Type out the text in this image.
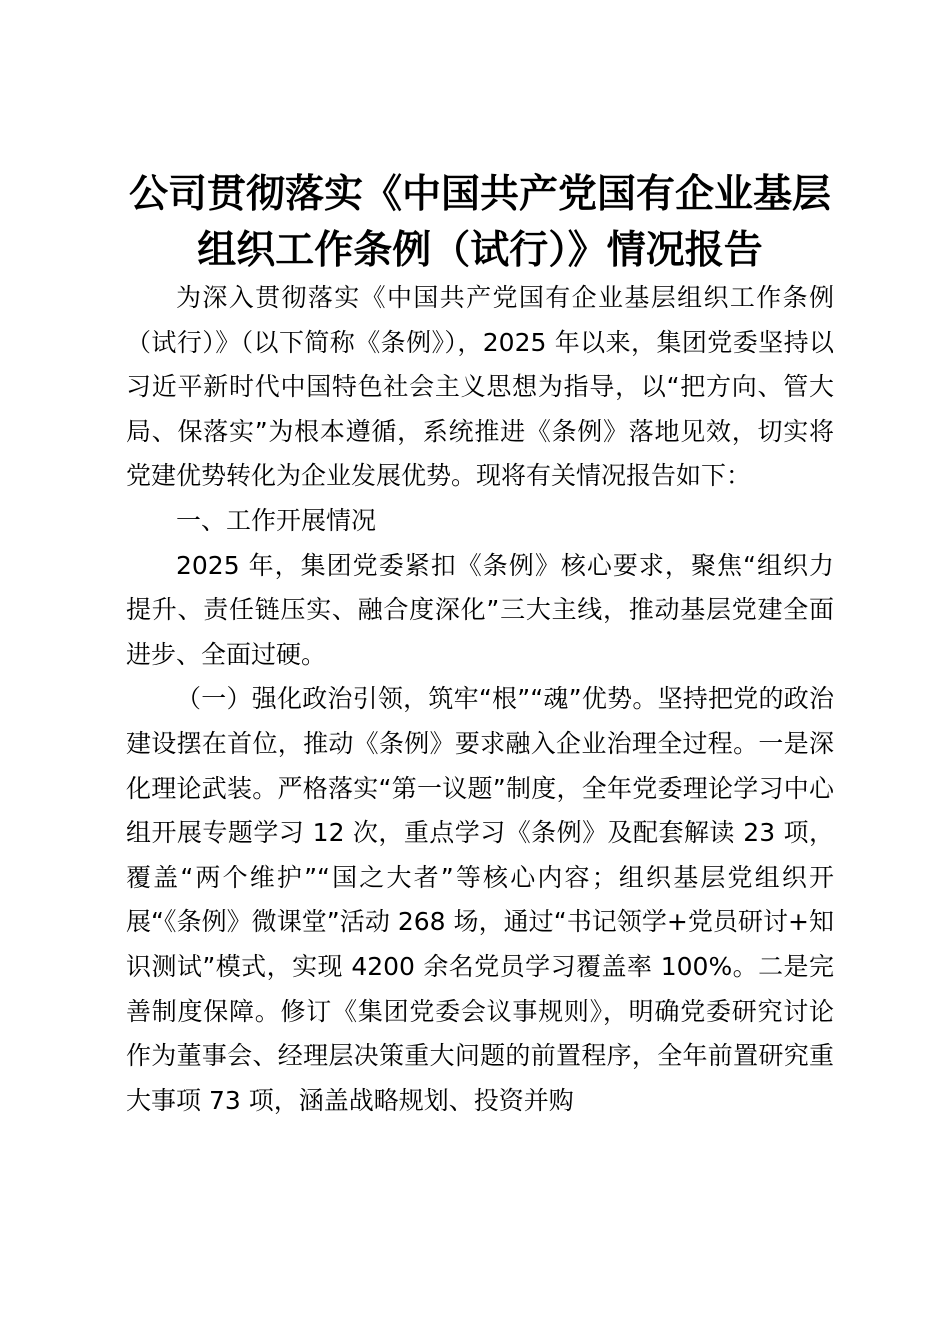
公司贯彻落实《中国共产党国有企业基层组织工作条例（试行）》情况报告

为深入贯彻落实《中国共产党国有企业基层组织工作条例（试行）》（以下简称《条例》），2025 年以来，集团党委坚持以习近平新时代中国特色社会主义思想为指导，以“把方向、管大局、保落实”为根本遵循，系统推进《条例》落地见效，切实将党建优势转化为企业发展优势。现将有关情况报告如下：

一、工作开展情况

2025 年，集团党委紧扣《条例》核心要求，聚焦“组织力提升、责任链压实、融合度深化”三大主线，推动基层党建全面进步、全面过硬。

（一）强化政治引领，筑牢“根”“魂”优势。坚持把党的政治建设摆在首位，推动《条例》要求融入企业治理全过程。一是深化理论武装。严格落实“第一议题”制度，全年党委理论学习中心组开展专题学习 12 次，重点学习《条例》及配套解读 23 项，覆盖“两个维护”“国之大者”等核心内容；组织基层党组织开展“《条例》微课堂”活动 268 场，通过“书记领学+党员研讨+知识测试”模式，实现 4200 余名党员学习覆盖率 100%。二是完善制度保障。修订《集团党委会议事规则》，明确党委研究讨论作为董事会、经理层决策重大问题的前置程序，全年前置研究重大事项 73 项，涵盖战略规划、投资并购
